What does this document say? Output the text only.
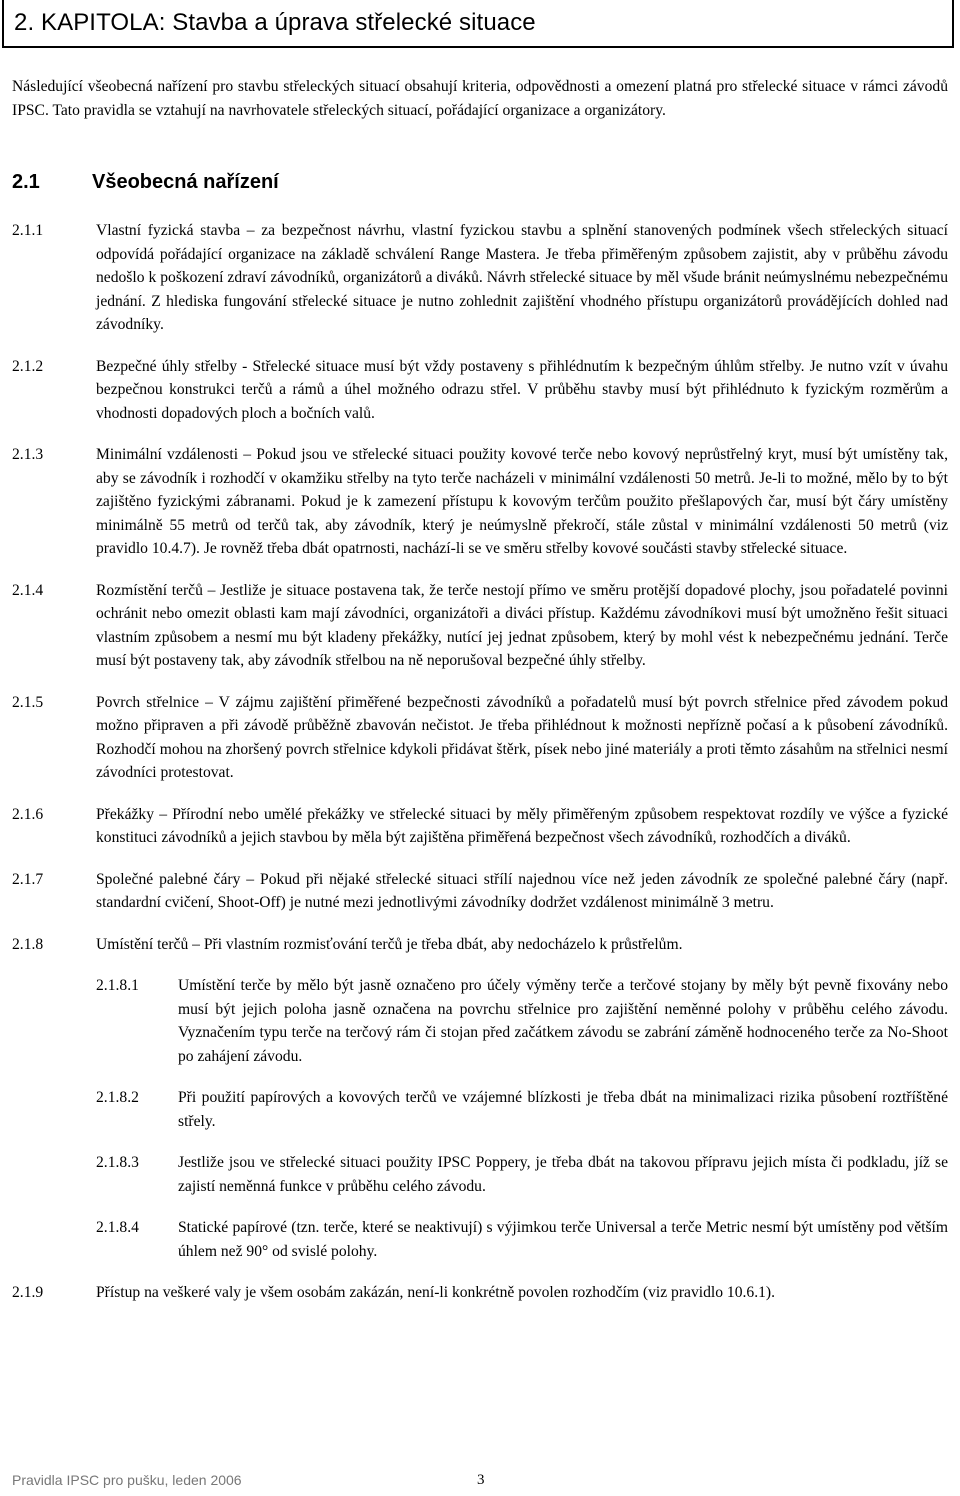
2. KAPITOLA: Stavba a úprava střelecké situace
Následující všeobecná nařízení pro stavbu střeleckých situací obsahují kriteria, odpovědnosti a omezení platná pro střelecké situace v rámci závodů IPSC. Tato pravidla se vztahují na navrhovatele střeleckých situací, pořádající organizace a organizátory.
2.1	Všeobecná nařízení
2.1.1	Vlastní fyzická stavba – za bezpečnost návrhu, vlastní fyzickou stavbu a splnění stanovených podmínek všech střeleckých situací odpovídá pořádající organizace na základě schválení Range Mastera. Je třeba přiměřeným způsobem zajistit, aby v průběhu závodu nedošlo k poškození zdraví závodníků, organizátorů a diváků. Návrh střelecké situace by měl všude bránit neúmyslnému nebezpečnému jednání. Z hlediska fungování střelecké situace je nutno zohlednit zajištění vhodného přístupu organizátorů provádějících dohled nad závodníky.
2.1.2	Bezpečné úhly střelby - Střelecké situace musí být vždy postaveny s přihlédnutím k bezpečným úhlům střelby. Je nutno vzít v úvahu bezpečnou konstrukci terčů a rámů a úhel možného odrazu střel. V průběhu stavby musí být přihlédnuto k fyzickým rozměrům a vhodnosti dopadových ploch a bočních valů.
2.1.3	Minimální vzdálenosti – Pokud jsou ve střelecké situaci použity kovové terče nebo kovový neprůstřelný kryt, musí být umístěny tak, aby se závodník i rozhodčí v okamžiku střelby na tyto terče nacházeli v minimální vzdálenosti 50 metrů. Je-li to možné, mělo by to být zajištěno fyzickými zábranami. Pokud je k zamezení přístupu k kovovým terčům použito přešlapových čar, musí být čáry umístěny minimálně 55 metrů od terčů tak, aby závodník, který je neúmyslně překročí, stále zůstal v minimální vzdálenosti 50 metrů (viz pravidlo 10.4.7). Je rovněž třeba dbát opatrnosti, nachází-li se ve směru střelby kovové součásti stavby střelecké situace.
2.1.4	Rozmístění terčů – Jestliže je situace postavena tak, že terče nestojí přímo ve směru protější dopadové plochy, jsou pořadatelé povinni ochránit nebo omezit oblasti kam mají závodníci, organizátoři a diváci přístup. Každému závodníkovi musí být umožněno řešit situaci vlastním způsobem a nesmí mu být kladeny překážky, nutící jej jednat způsobem, který by mohl vést k nebezpečnému jednání. Terče musí být postaveny tak, aby závodník střelbou na ně neporušoval bezpečné úhly střelby.
2.1.5	Povrch střelnice – V zájmu zajištění přiměřené bezpečnosti závodníků a pořadatelů musí být povrch střelnice před závodem pokud možno připraven a při závodě průběžně zbavován nečistot. Je třeba přihlédnout k možnosti nepřízně počasí a k působení závodníků. Rozhodčí mohou na zhoršený povrch střelnice kdykoli přidávat štěrk, písek nebo jiné materiály a proti těmto zásahům na střelnici nesmí závodníci protestovat.
2.1.6	Překážky – Přírodní nebo umělé překážky ve střelecké situaci by měly přiměřeným způsobem respektovat rozdíly ve výšce a fyzické konstituci závodníků a jejich stavbou by měla být zajištěna přiměřená bezpečnost všech závodníků, rozhodčích a diváků.
2.1.7	Společné palebné čáry – Pokud při nějaké střelecké situaci střílí najednou více než jeden závodník ze společné palebné čáry (např. standardní cvičení, Shoot-Off) je nutné mezi jednotlivými závodníky dodržet vzdálenost minimálně 3 metru.
2.1.8	Umístění terčů – Při vlastním rozmisťování terčů je třeba dbát, aby nedocházelo k průstřelům.
2.1.8.1	Umístění terče by mělo být jasně označeno pro účely výměny terče a terčové stojany by měly být pevně fixovány nebo musí být jejich poloha jasně označena na povrchu střelnice pro zajištění neměnné polohy v průběhu celého závodu. Vyznačením typu terče na terčový rám či stojan před začátkem závodu se zabrání záměně hodnoceného terče za No-Shoot po zahájení závodu.
2.1.8.2	Při použití papírových a kovových terčů ve vzájemné blízkosti je třeba dbát na minimalizaci rizika působení roztříštěné střely.
2.1.8.3	Jestliže jsou ve střelecké situaci použity IPSC Poppery, je třeba dbát na takovou přípravu jejich místa či podkladu, jíž se zajistí neměnná funkce v průběhu celého závodu.
2.1.8.4	Statické papírové (tzn. terče, které se neaktivují) s výjimkou terče Universal a terče Metric nesmí být umístěny pod větším úhlem než 90° od svislé polohy.
2.1.9	Přístup na veškeré valy je všem osobám zakázán, není-li konkrétně povolen rozhodčím (viz pravidlo 10.6.1).
Pravidla IPSC pro pušku, leden 2006	3
